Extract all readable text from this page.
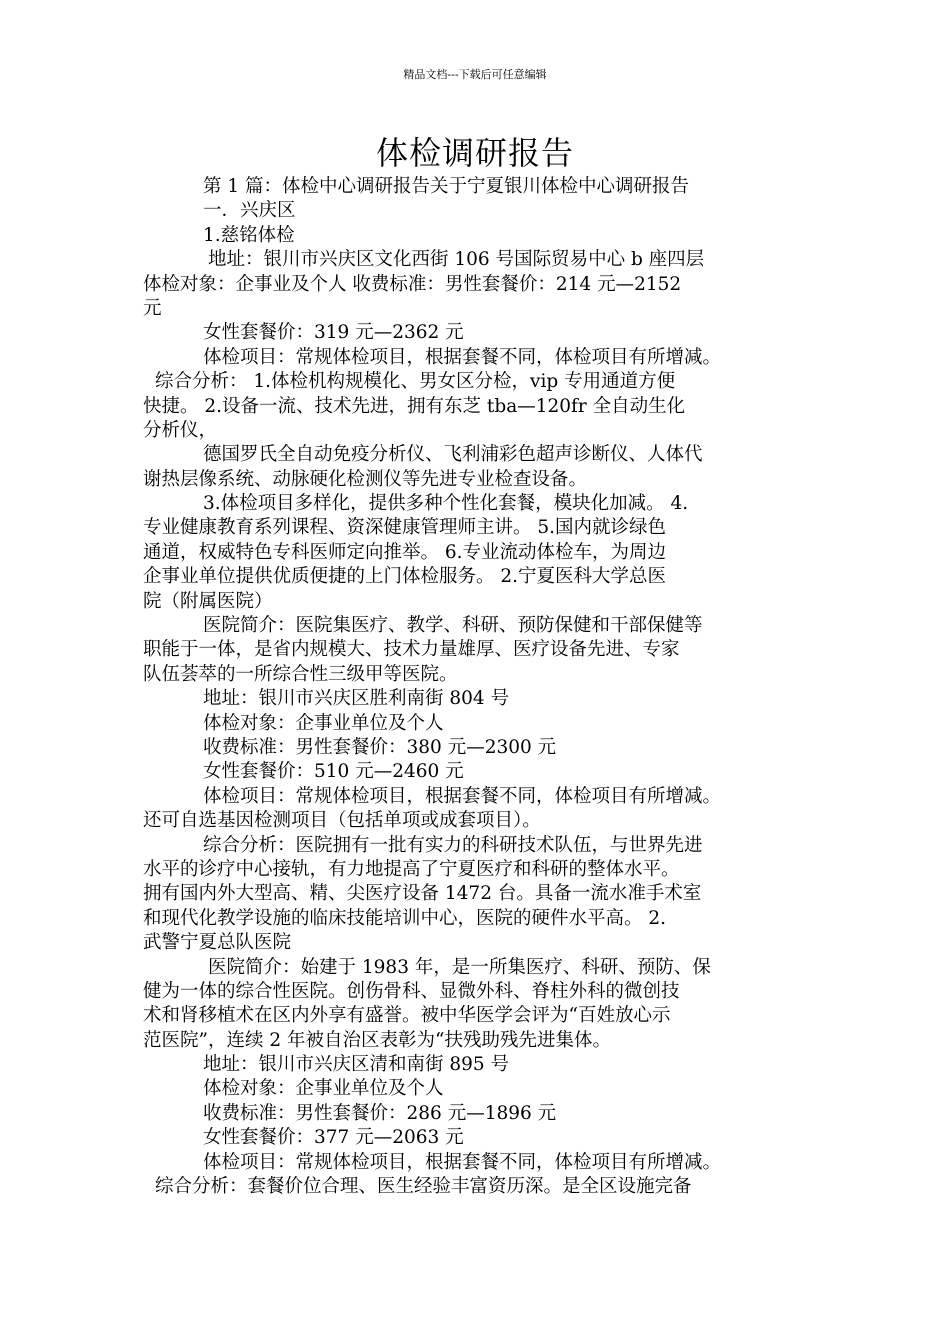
精品文档---下载后可任意编辑
体检调研报告
第 1 篇：体检中心调研报告关于宁夏银川体检中心调研报告
一．兴庆区
1.慈铭体检
地址：银川市兴庆区文化西街 106 号国际贸易中心 b 座四层
体检对象：企事业及个人 收费标准：男性套餐价：214 元—2152
元
女性套餐价：319 元—2362 元
体检项目：常规体检项目，根据套餐不同，体检项目有所增减。
综合分析： 1.体检机构规模化、男女区分检，vip 专用通道方便
快捷。 2.设备一流、技术先进，拥有东芝 tba—120fr 全自动生化
分析仪，
德国罗氏全自动免疫分析仪、飞利浦彩色超声诊断仪、人体代
谢热层像系统、动脉硬化检测仪等先进专业检查设备。
3.体检项目多样化，提供多种个性化套餐，模块化加减。 4.
专业健康教育系列课程、资深健康管理师主讲。 5.国内就诊绿色
通道，权威特色专科医师定向推举。 6.专业流动体检车，为周边
企事业单位提供优质便捷的上门体检服务。 2.宁夏医科大学总医
院（附属医院）
医院简介：医院集医疗、教学、科研、预防保健和干部保健等
职能于一体，是省内规模大、技术力量雄厚、医疗设备先进、专家
队伍荟萃的一所综合性三级甲等医院。
地址：银川市兴庆区胜利南街 804 号
体检对象：企事业单位及个人
收费标准：男性套餐价：380 元—2300 元
女性套餐价：510 元—2460 元
体检项目：常规体检项目，根据套餐不同，体检项目有所增减。
还可自选基因检测项目（包括单项或成套项目）。
综合分析：医院拥有一批有实力的科研技术队伍，与世界先进
水平的诊疗中心接轨，有力地提高了宁夏医疗和科研的整体水平。
拥有国内外大型高、精、尖医疗设备 1472 台。具备一流水准手术室
和现代化教学设施的临床技能培训中心，医院的硬件水平高。 2.
武警宁夏总队医院
医院简介：始建于 1983 年，是一所集医疗、科研、预防、保
健为一体的综合性医院。创伤骨科、显微外科、脊柱外科的微创技
术和肾移植术在区内外享有盛誉。被中华医学会评为“百姓放心示
范医院”，连续 2 年被自治区表彰为“扶残助残先进集体。
地址：银川市兴庆区清和南街 895 号
体检对象：企事业单位及个人
收费标准：男性套餐价：286 元—1896 元
女性套餐价：377 元—2063 元
体检项目：常规体检项目，根据套餐不同，体检项目有所增减。
综合分析：套餐价位合理、医生经验丰富资历深。是全区设施完备
